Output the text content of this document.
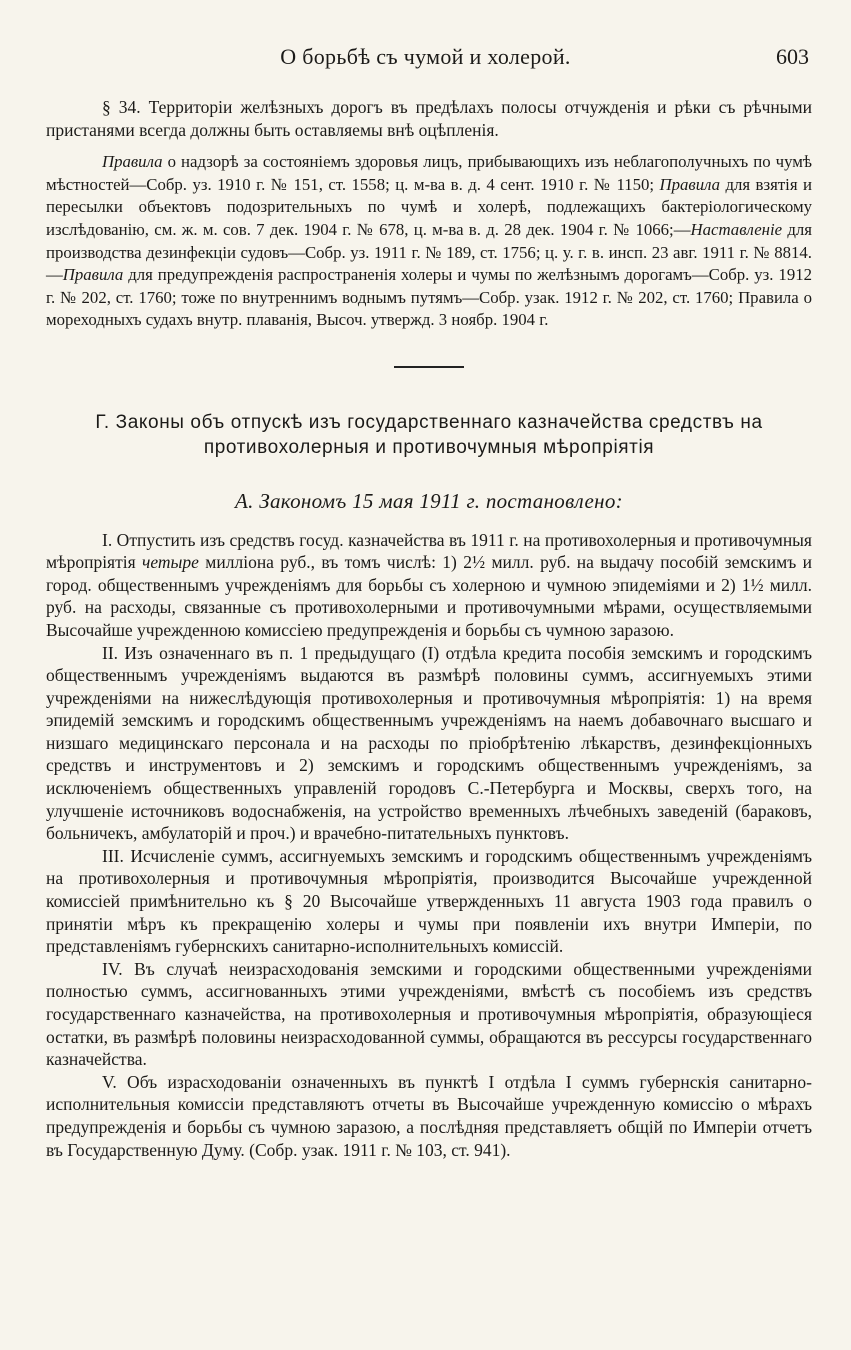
О борьбѣ съ чумой и холерой.	603

§ 34. Территоріи желѣзныхъ дорогъ въ предѣлахъ полосы отчужденія и рѣки съ рѣчными пристанями всегда должны быть оставляемы внѣ оцѣпленія.

Правила о надзорѣ за состояніемъ здоровья лицъ, прибывающихъ изъ неблагополучныхъ по чумѣ мѣстностей—Собр. уз. 1910 г. № 151, ст. 1558; ц. м-ва в. д. 4 сент. 1910 г. № 1150; Правила для взятія и пересылки объектовъ подозрительныхъ по чумѣ и холерѣ, подлежащихъ бактеріологическому изслѣдованію, см. ж. м. сов. 7 дек. 1904 г. № 678, ц. м-ва в. д. 28 дек. 1904 г. № 1066;—Наставленіе для производства дезинфекціи судовъ—Собр. уз. 1911 г. № 189, ст. 1756; ц. у. г. в. инсп. 23 авг. 1911 г. № 8814.—Правила для предупрежденія распространенія холеры и чумы по желѣзнымъ дорогамъ—Собр. уз. 1912 г. № 202, ст. 1760; тоже по внутреннимъ воднымъ путямъ—Собр. узак. 1912 г. № 202, ст. 1760; Правила о мореходныхъ судахъ внутр. плаванія, Высоч. утвержд. 3 ноябр. 1904 г.

Г. Законы объ отпускѣ изъ государственнаго казначейства средствъ на
противохолерныя и противочумныя мѣропріятія
А. Закономъ 15 мая 1911 г. постановлено:

I. Отпустить изъ средствъ госуд. казначейства въ 1911 г. на противохолерныя и противочумныя мѣропріятія четыре милліона руб., въ томъ числѣ: 1) 2½ милл. руб. на выдачу пособій земскимъ и город. общественнымъ учрежденіямъ для борьбы съ холерною и чумною эпидеміями и 2) 1½ милл. руб. на расходы, связанные съ противохолерными и противочумными мѣрами, осуществляемыми Высочайше учрежденною комиссіею предупрежденія и борьбы съ чумною заразою.

II. Изъ означеннаго въ п. 1 предыдущаго (I) отдѣла кредита пособія земскимъ и городскимъ общественнымъ учрежденіямъ выдаются въ размѣрѣ половины суммъ, ассигнуемыхъ этими учрежденіями на нижеслѣдующія противохолерныя и противочумныя мѣропріятія: 1) на время эпидемій земскимъ и городскимъ общественнымъ учрежденіямъ на наемъ добавочнаго высшаго и низшаго медицинскаго персонала и на расходы по пріобрѣтенію лѣкарствъ, дезинфекціонныхъ средствъ и инструментовъ и 2) земскимъ и городскимъ общественнымъ учрежденіямъ, за исключеніемъ общественныхъ управленій городовъ С.-Петербурга и Москвы, сверхъ того, на улучшеніе источниковъ водоснабженія, на устройство временныхъ лѣчебныхъ заведеній (бараковъ, больничекъ, амбулаторій и проч.) и врачебно-питательныхъ пунктовъ.

III. Исчисленіе суммъ, ассигнуемыхъ земскимъ и городскимъ общественнымъ учрежденіямъ на противохолерныя и противочумныя мѣропріятія, производится Высочайше учрежденной комиссіей примѣнительно къ § 20 Высочайше утвержденныхъ 11 августа 1903 года правилъ о принятіи мѣръ къ прекращенію холеры и чумы при появленіи ихъ внутри Имперіи, по представленіямъ губернскихъ санитарно-исполнительныхъ комиссій.

IV. Въ случаѣ неизрасходованія земскими и городскими общественными учрежденіями полностью суммъ, ассигнованныхъ этими учрежденіями, вмѣстѣ съ пособіемъ изъ средствъ государственнаго казначейства, на противохолерныя и противочумныя мѣропріятія, образующіеся остатки, въ размѣрѣ половины неизрасходованной суммы, обращаются въ рессурсы государственнаго казначейства.

V. Объ израсходованіи означенныхъ въ пунктѣ I отдѣла I суммъ губернскія санитарно-исполнительныя комиссіи представляютъ отчеты въ Высочайше учрежденную комиссію о мѣрахъ предупрежденія и борьбы съ чумною заразою, а послѣдняя представляетъ общій по Имперіи отчетъ въ Государственную Думу. (Собр. узак. 1911 г. № 103, ст. 941).
